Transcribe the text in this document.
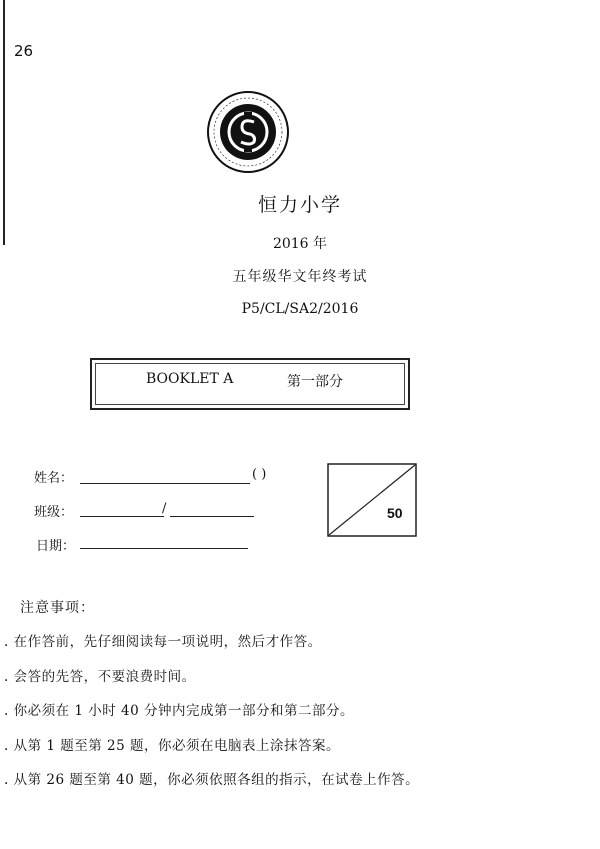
26
恒力小学
2016 年
五年级华文年终考试
P5/CL/SA2/2016
BOOKLET A	第一部分
姓名：	( )
班级：	/
日期：
50
注意事项：
. 在作答前，先仔细阅读每一项说明，然后才作答。
. 会答的先答，不要浪费时间。
. 你必须在 1 小时 40 分钟内完成第一部分和第二部分。
. 从第 1 题至第 25 题，你必须在电脑表上涂抹答案。
. 从第 26 题至第 40 题，你必须依照各组的指示，在试卷上作答。
